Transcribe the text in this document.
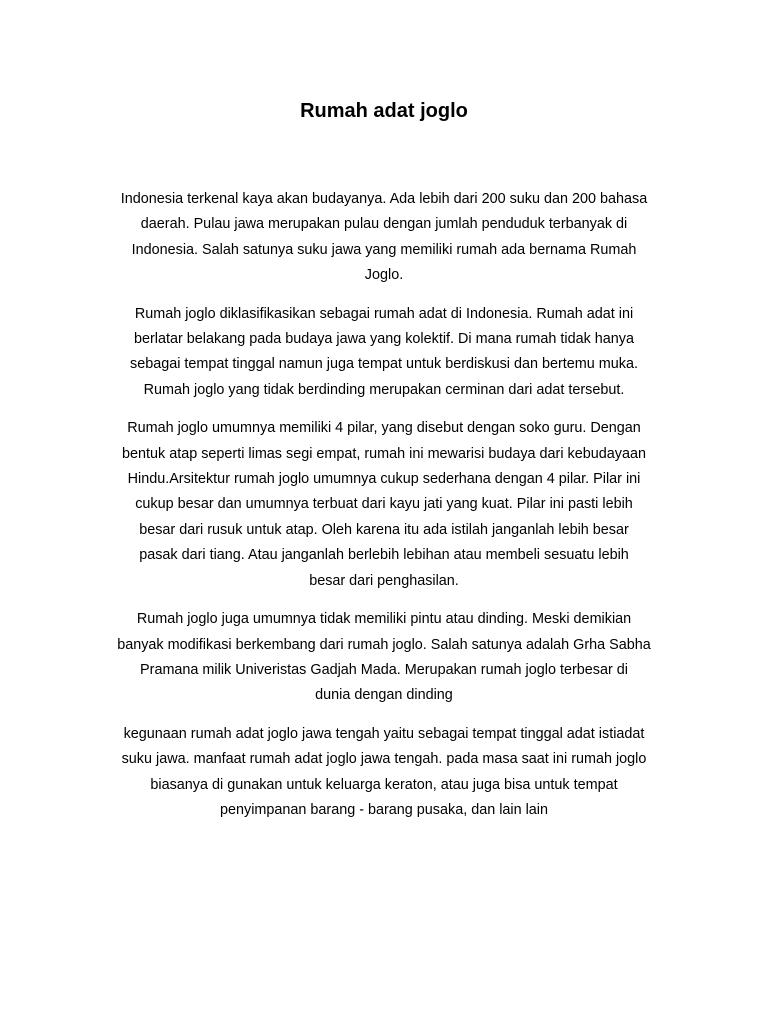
Rumah adat joglo

Indonesia terkenal kaya akan budayanya. Ada lebih dari 200 suku dan 200 bahasa
daerah. Pulau jawa merupakan pulau dengan jumlah penduduk terbanyak di
Indonesia. Salah satunya suku jawa yang memiliki rumah ada bernama Rumah
Joglo.

Rumah joglo diklasifikasikan sebagai rumah adat di Indonesia. Rumah adat ini
berlatar belakang pada budaya jawa yang kolektif. Di mana rumah tidak hanya
sebagai tempat tinggal namun juga tempat untuk berdiskusi dan bertemu muka.
Rumah joglo yang tidak berdinding merupakan cerminan dari adat tersebut.

Rumah joglo umumnya memiliki 4 pilar, yang disebut dengan soko guru. Dengan
bentuk atap seperti limas segi empat, rumah ini mewarisi budaya dari kebudayaan
Hindu.Arsitektur rumah joglo umumnya cukup sederhana dengan 4 pilar. Pilar ini
cukup besar dan umumnya terbuat dari kayu jati yang kuat. Pilar ini pasti lebih
besar dari rusuk untuk atap. Oleh karena itu ada istilah janganlah lebih besar
pasak dari tiang. Atau janganlah berlebih lebihan atau membeli sesuatu lebih
besar dari penghasilan.

Rumah joglo juga umumnya tidak memiliki pintu atau dinding. Meski demikian
banyak modifikasi berkembang dari rumah joglo. Salah satunya adalah Grha Sabha
Pramana milik Univeristas Gadjah Mada. Merupakan rumah joglo terbesar di
dunia dengan dinding

kegunaan rumah adat joglo jawa tengah yaitu sebagai tempat tinggal adat istiadat
suku jawa. manfaat rumah adat joglo jawa tengah. pada masa saat ini rumah joglo
biasanya di gunakan untuk keluarga keraton, atau juga bisa untuk tempat
penyimpanan barang - barang pusaka, dan lain lain
